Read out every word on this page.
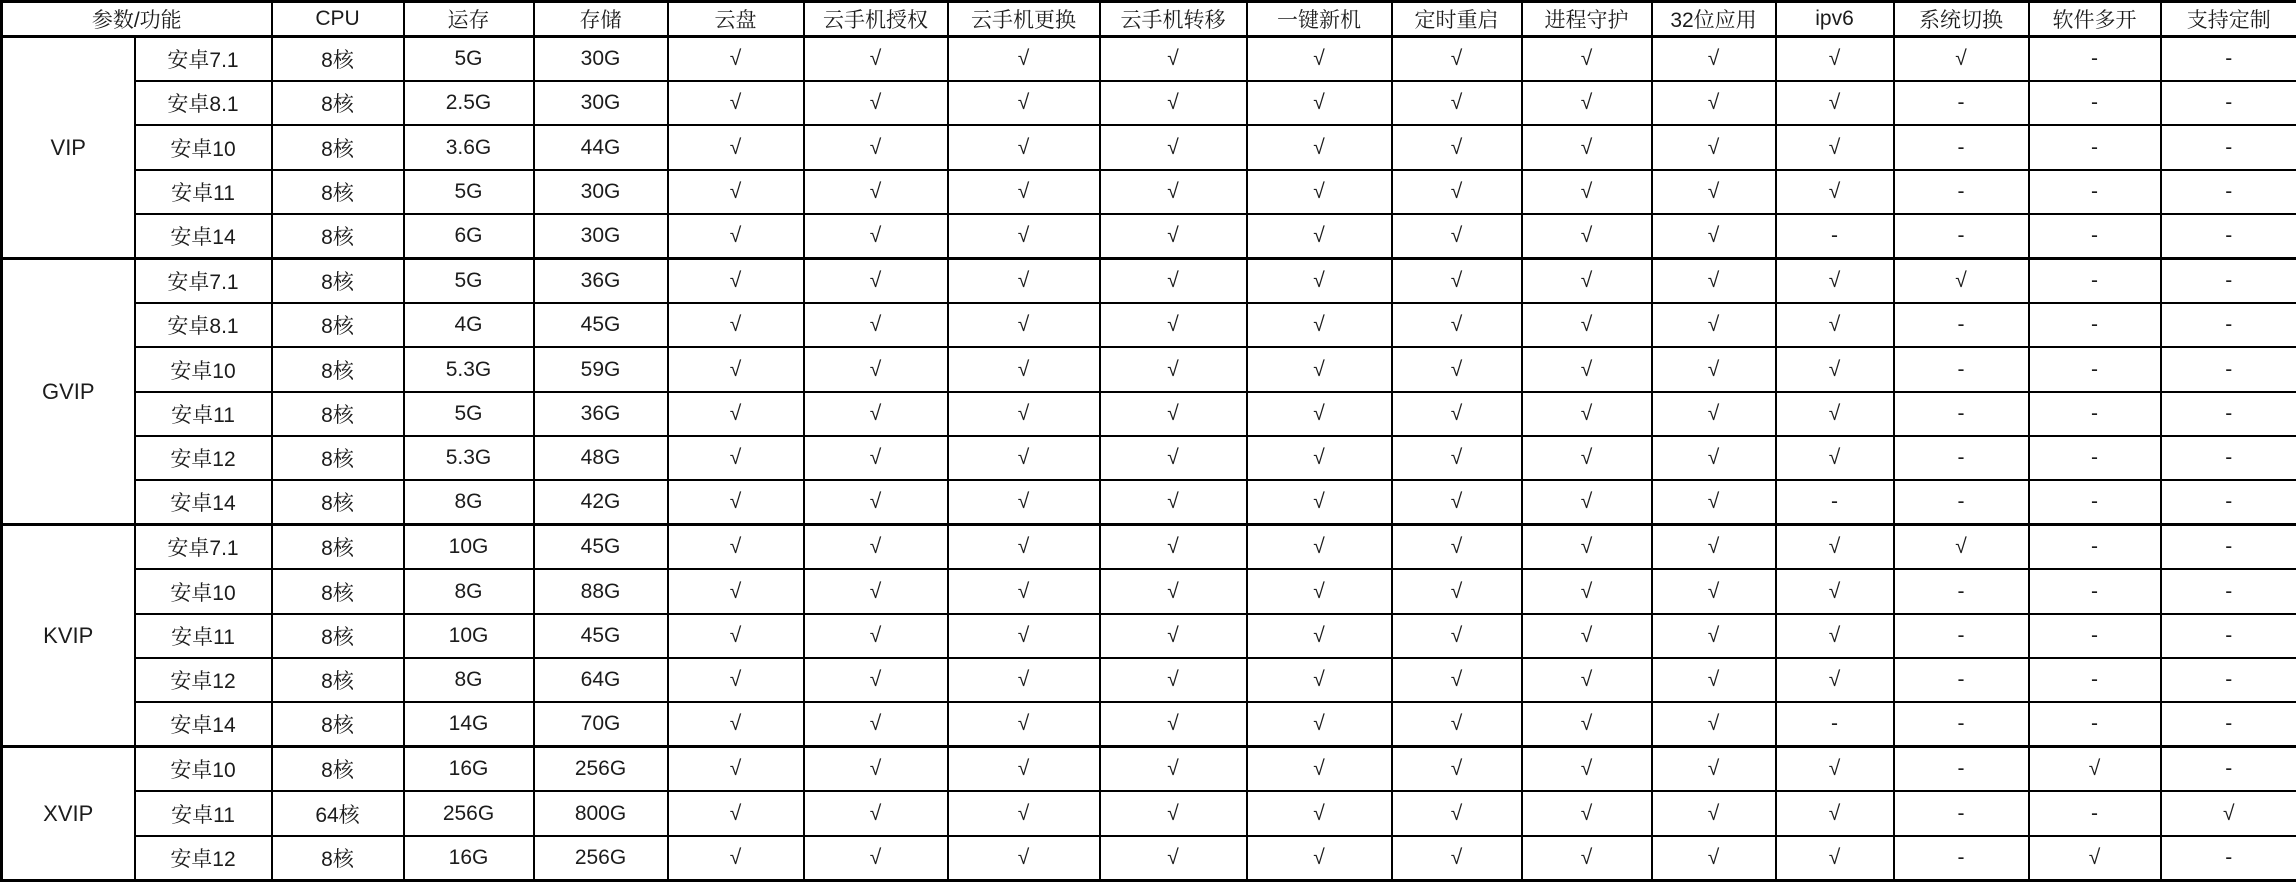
参数/功能		CPU	运存	存储	云盘	云手机授权	云手机更换	云手机转移	一键新机	定时重启	进程守护	32位应用	ipv6	系统切换	软件多开	支持定制
VIP	安卓7.1	8核	5G	30G	√	√	√	√	√	√	√	√	√	√	-	-
	安卓8.1	8核	2.5G	30G	√	√	√	√	√	√	√	√	√	-	-	-
	安卓10	8核	3.6G	44G	√	√	√	√	√	√	√	√	√	-	-	-
	安卓11	8核	5G	30G	√	√	√	√	√	√	√	√	√	-	-	-
	安卓14	8核	6G	30G	√	√	√	√	√	√	√	√	-	-	-	-
GVIP	安卓7.1	8核	5G	36G	√	√	√	√	√	√	√	√	√	√	-	-
	安卓8.1	8核	4G	45G	√	√	√	√	√	√	√	√	√	-	-	-
	安卓10	8核	5.3G	59G	√	√	√	√	√	√	√	√	√	-	-	-
	安卓11	8核	5G	36G	√	√	√	√	√	√	√	√	√	-	-	-
	安卓12	8核	5.3G	48G	√	√	√	√	√	√	√	√	√	-	-	-
	安卓14	8核	8G	42G	√	√	√	√	√	√	√	√	-	-	-	-
KVIP	安卓7.1	8核	10G	45G	√	√	√	√	√	√	√	√	√	√	-	-
	安卓10	8核	8G	88G	√	√	√	√	√	√	√	√	√	-	-	-
	安卓11	8核	10G	45G	√	√	√	√	√	√	√	√	√	-	-	-
	安卓12	8核	8G	64G	√	√	√	√	√	√	√	√	√	-	-	-
	安卓14	8核	14G	70G	√	√	√	√	√	√	√	√	-	-	-	-
XVIP	安卓10	8核	16G	256G	√	√	√	√	√	√	√	√	√	-	√	-
	安卓11	64核	256G	800G	√	√	√	√	√	√	√	√	√	-	-	√
	安卓12	8核	16G	256G	√	√	√	√	√	√	√	√	√	-	√	-
